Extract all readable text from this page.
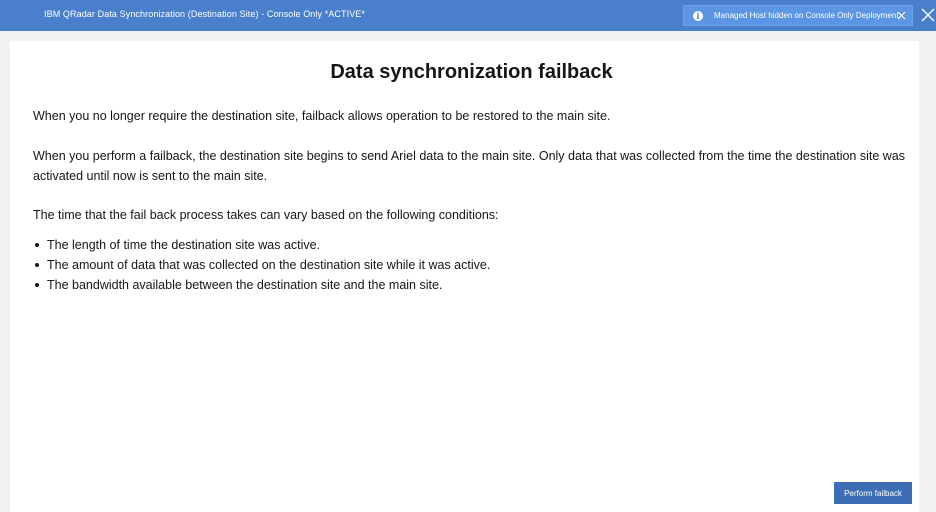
IBM QRadar Data Synchronization (Destination Site) - Console Only *ACTIVE*	i	Managed Host hidden on Console Only Deployment
Data synchronization failback
When you no longer require the destination site, failback allows operation to be restored to the main site.
When you perform a failback, the destination site begins to send Ariel data to the main site. Only data that was collected from the time the destination site was activated until now is sent to the main site.
The time that the fail back process takes can vary based on the following conditions:
The length of time the destination site was active.
The amount of data that was collected on the destination site while it was active.
The bandwidth available between the destination site and the main site.
Perform failback
